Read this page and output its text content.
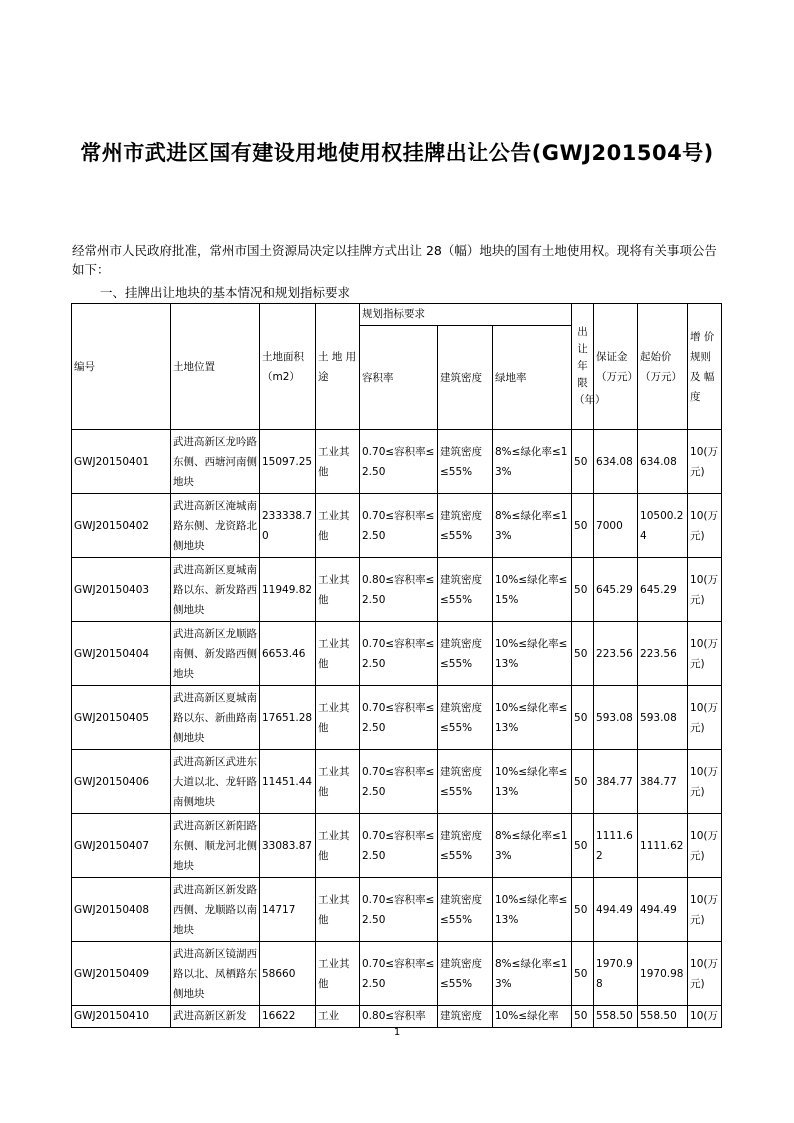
常州市武进区国有建设用地使用权挂牌出让公告(GWJ201504号)
经常州市人民政府批准，常州市国土资源局决定以挂牌方式出让 28（幅）地块的国有土地使用权。现将有关事项公告如下：
一、挂牌出让地块的基本情况和规划指标要求
编号	土地位置	土地面积（m2）	土 地 用途	规划指标要求			出让年限（年）	保证金（万元）	起始价（万元）	增 价规则及 幅度
				容积率	建筑密度	绿地率				
GWJ20150401	武进高新区龙吟路东侧、西塘河南侧地块	15097.25	工业其他	0.70≤容积率≤2.50	建筑密度≤55%	8%≤绿化率≤13%	50	634.08	634.08	10(万元)
GWJ20150402	武进高新区淹城南路东侧、龙资路北侧地块	233338.70	工业其他	0.70≤容积率≤2.50	建筑密度≤55%	8%≤绿化率≤13%	50	7000	10500.24	10(万元)
GWJ20150403	武进高新区夏城南路以东、新发路西侧地块	11949.82	工业其他	0.80≤容积率≤2.50	建筑密度≤55%	10%≤绿化率≤15%	50	645.29	645.29	10(万元)
GWJ20150404	武进高新区龙顺路南侧、新发路西侧地块	6653.46	工业其他	0.70≤容积率≤2.50	建筑密度≤55%	10%≤绿化率≤13%	50	223.56	223.56	10(万元)
GWJ20150405	武进高新区夏城南路以东、新曲路南侧地块	17651.28	工业其他	0.70≤容积率≤2.50	建筑密度≤55%	10%≤绿化率≤13%	50	593.08	593.08	10(万元)
GWJ20150406	武进高新区武进东大道以北、龙轩路南侧地块	11451.44	工业其他	0.70≤容积率≤2.50	建筑密度≤55%	10%≤绿化率≤13%	50	384.77	384.77	10(万元)
GWJ20150407	武进高新区新阳路东侧、顺龙河北侧地块	33083.87	工业其他	0.70≤容积率≤2.50	建筑密度≤55%	8%≤绿化率≤13%	50	1111.62	1111.62	10(万元)
GWJ20150408	武进高新区新发路西侧、龙顺路以南地块	14717	工业其他	0.70≤容积率≤2.50	建筑密度≤55%	10%≤绿化率≤13%	50	494.49	494.49	10(万元)
GWJ20150409	武进高新区镜湖西路以北、凤栖路东侧地块	58660	工业其他	0.70≤容积率≤2.50	建筑密度≤55%	8%≤绿化率≤13%	50	1970.98	1970.98	10(万元)
GWJ20150410	武进高新区新发	16622	工业	0.80≤容积率	建筑密度	10%≤绿化率	50	558.50	558.50	10(万
1
